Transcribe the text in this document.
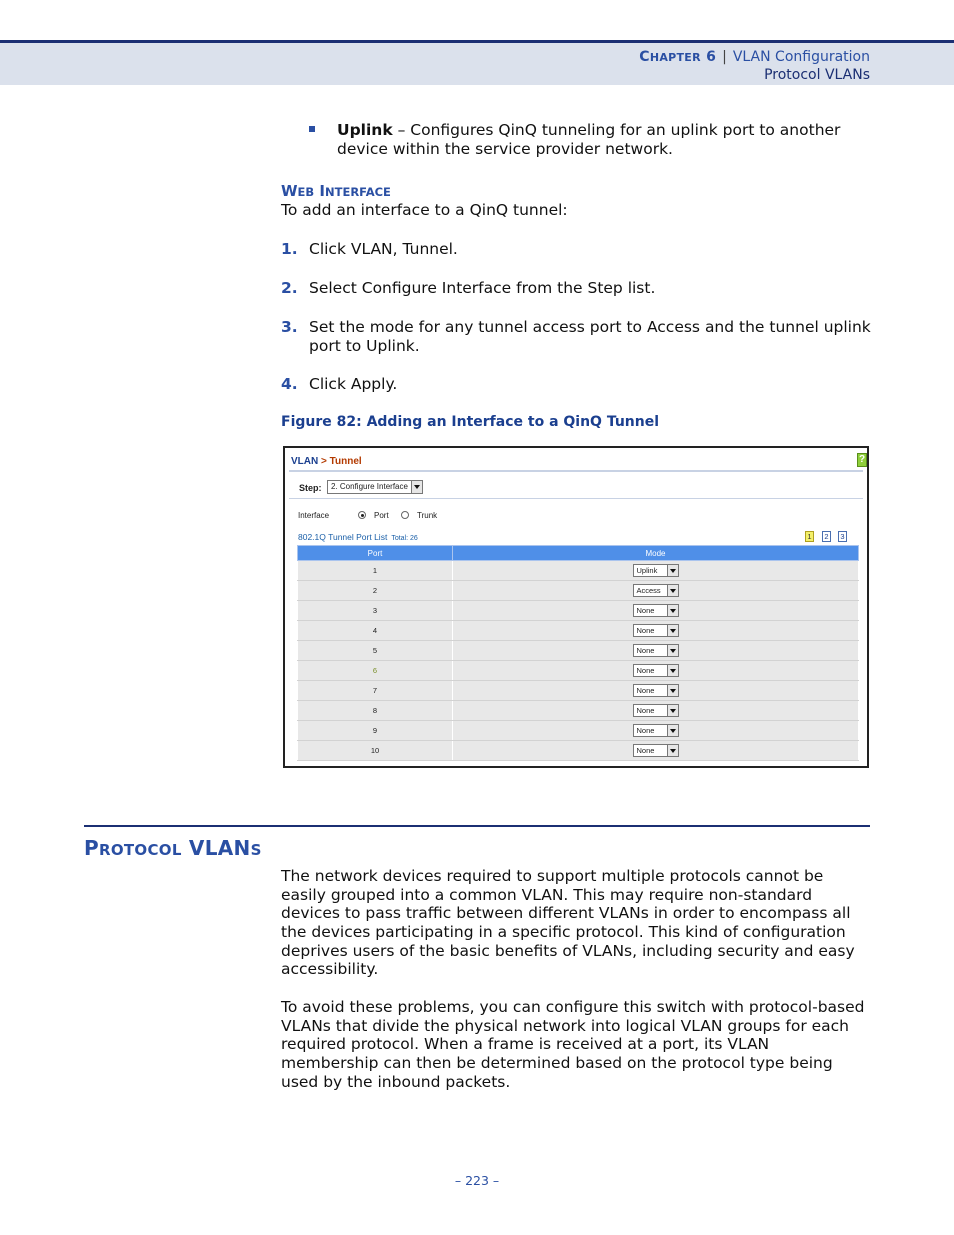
CHAPTER 6 | VLAN Configuration
Protocol VLANs
Uplink – Configures QinQ tunneling for an uplink port to another
device within the service provider network.
WEB INTERFACE
To add an interface to a QinQ tunnel:
1. Click VLAN, Tunnel.
2. Select Configure Interface from the Step list.
3. Set the mode for any tunnel access port to Access and the tunnel uplink
port to Uplink.
4. Click Apply.
Figure 82: Adding an Interface to a QinQ Tunnel
VLAN > Tunnel	?
Step:	2. Configure Interface
Interface	Port	Trunk
802.1Q Tunnel Port List Total: 26	1	2	3
Port	Mode
1	Uplink

2	Access

3	None

4	None

5	None

6	None

7	None

8	None

9	None

10	None
PROTOCOL VLANS
The network devices required to support multiple protocols cannot be
easily grouped into a common VLAN. This may require non-standard
devices to pass traffic between different VLANs in order to encompass all
the devices participating in a specific protocol. This kind of configuration
deprives users of the basic benefits of VLANs, including security and easy
accessibility.
To avoid these problems, you can configure this switch with protocol-based
VLANs that divide the physical network into logical VLAN groups for each
required protocol. When a frame is received at a port, its VLAN
membership can then be determined based on the protocol type being
used by the inbound packets.
– 223 –
